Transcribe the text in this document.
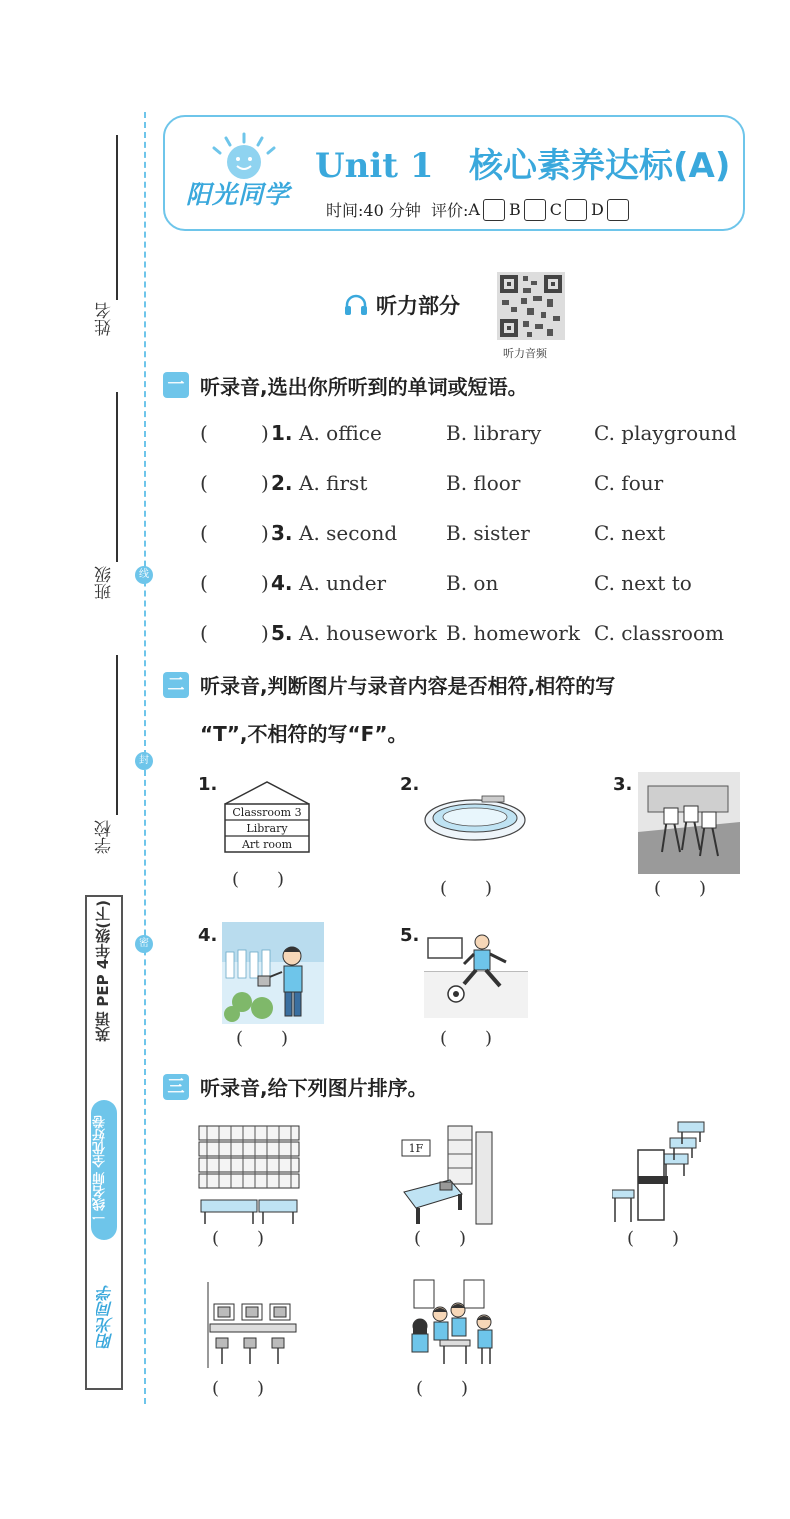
姓名
班级
学校
线
封
密
英语 PEP 4年级(下)
一线名师 全优好卷
阳光同学
阳光同学
Unit 1 核心素养达标(A)
时间:40 分钟
评价: A B C D
听力部分
听力音频
一 听录音,选出你所听到的单词或短语。
(	) 1. A. office	B. library	C. playground
(	) 2. A. first	B. floor	C. four
(	) 3. A. second B. sister	C. next
(	) 4. A. under	B. on	C. next to
(	) 5. A. housework B. homework C. classroom
二 听录音,判断图片与录音内容是否相符,相符的写
“T”,不相符的写“F”。
1.
Classroom 3
Library
Art room
( )
2.
( )
3.
( )
4.
( )
5.
( )
三 听录音,给下列图片排序。
( )
1F
( )	( )
( )	( )
